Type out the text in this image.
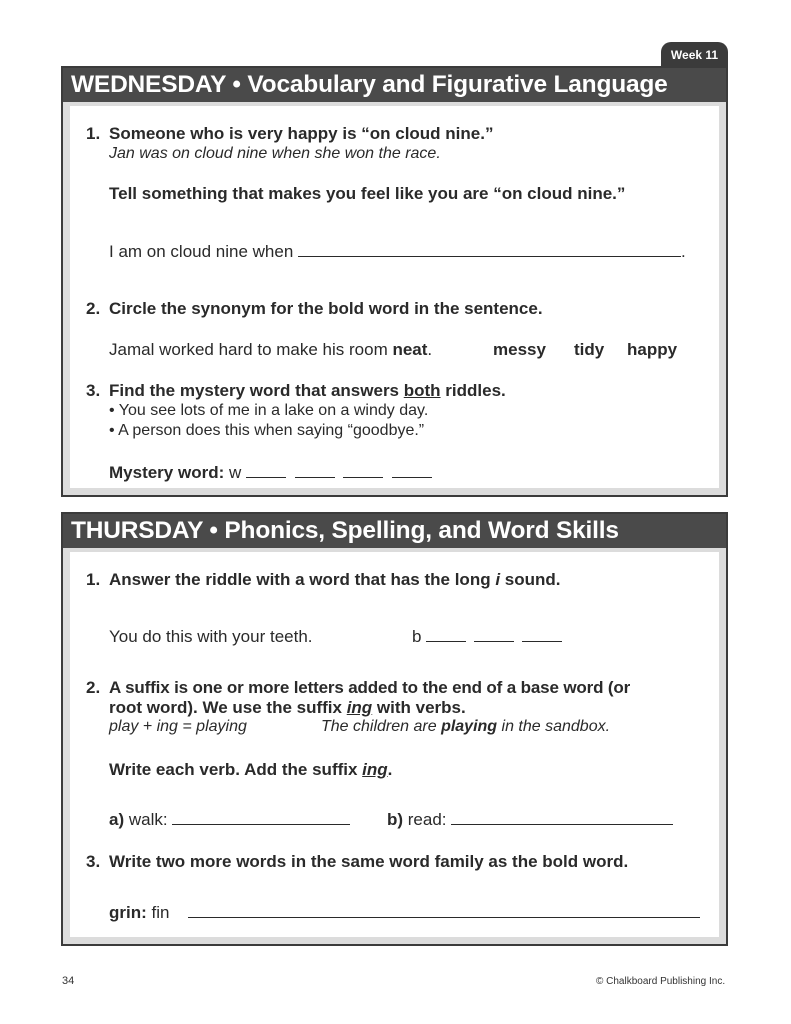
Week 11
WEDNESDAY • Vocabulary and Figurative Language
1. Someone who is very happy is “on cloud nine.”
Jan was on cloud nine when she won the race.
Tell something that makes you feel like you are “on cloud nine.”
I am on cloud nine when	.
2. Circle the synonym for the bold word in the sentence.
Jamal worked hard to make his room neat.	messy tidy happy
3. Find the mystery word that answers both riddles.
• You see lots of me in a lake on a windy day.
• A person does this when saying “goodbye.”
Mystery word: w
THURSDAY • Phonics, Spelling, and Word Skills
1. Answer the riddle with a word that has the long i sound.
You do this with your teeth.	b
2. A suffix is one or more letters added to the end of a base word (or
root word). We use the suffix ing with verbs.
play + ing = playing	The children are playing in the sandbox.
Write each verb. Add the suffix ing.
a) walk:	b) read:
3. Write two more words in the same word family as the bold word.
grin: fin
34	© Chalkboard Publishing Inc.
